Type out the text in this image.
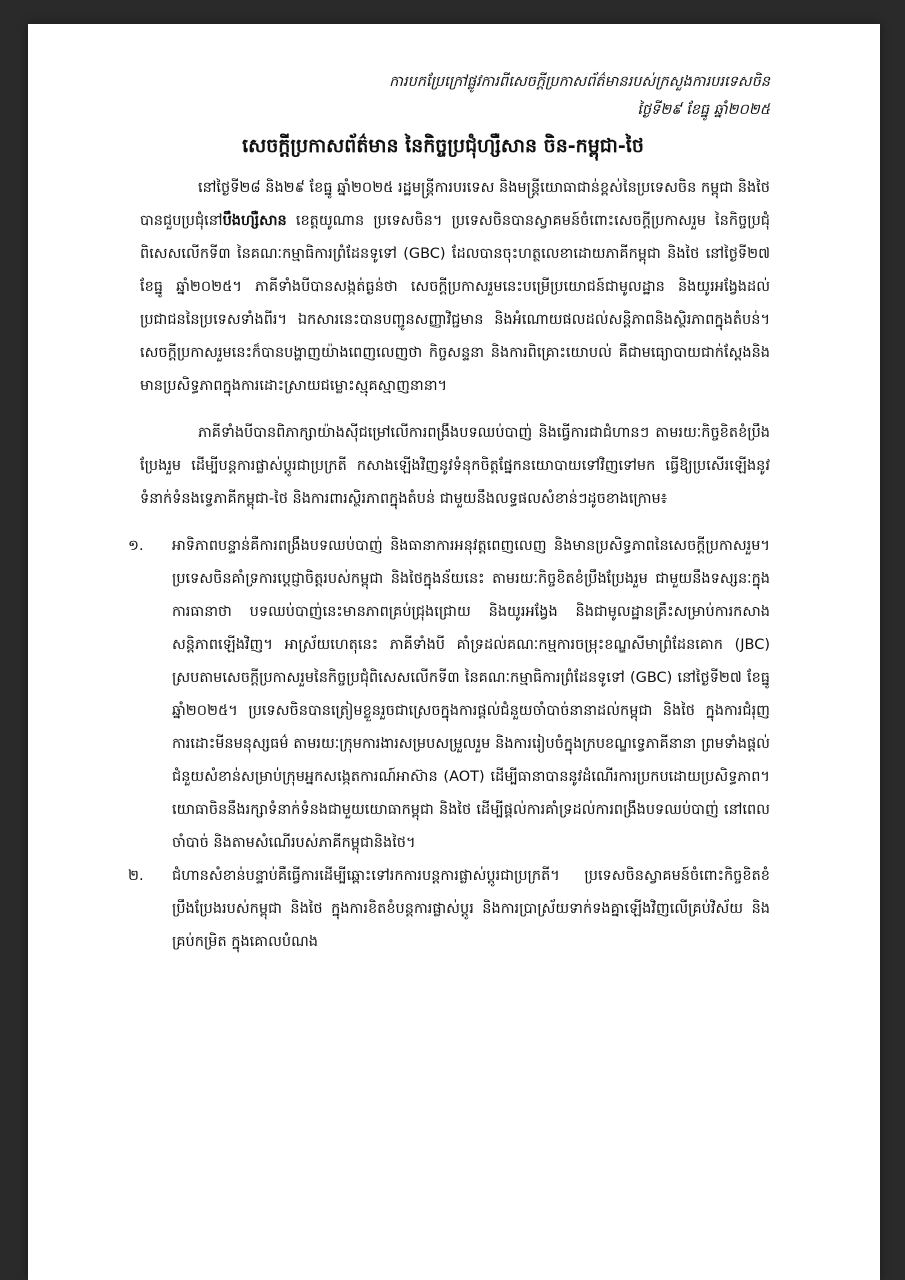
ការបកប្រែក្រៅផ្លូវការពីសេចក្តីប្រកាសព័ត៌មានរបស់ក្រសួងការបរទេសចិន
ថ្ងៃទី២៩ ខែធ្នូ ឆ្នាំ២០២៥
សេចក្តីប្រកាសព័ត៌មាន នៃកិច្ចប្រជុំហ្សឺសាន ចិន-កម្ពុជា-ថៃ

នៅថ្ងៃទី២៨ និង២៩ ខែធ្នូ ឆ្នាំ២០២៥ រដ្ឋមន្ត្រីការបរទេស និងមន្ត្រីយោធាជាន់ខ្ពស់នៃប្រទេសចិន កម្ពុជា និងថៃ បានជួបប្រជុំនៅបឹងហ្សឺសាន ខេត្តយូណាន ប្រទេសចិន។ ប្រទេសចិនបានស្វាគមន៍ចំពោះសេចក្តីប្រកាសរួម នៃកិច្ចប្រជុំពិសេសលើកទី៣ នៃគណៈកម្មាធិការព្រំដែនទូទៅ (GBC) ដែលបានចុះហត្ថលេខាដោយភាគីកម្ពុជា និងថៃ នៅថ្ងៃទី២៧ ខែធ្នូ ឆ្នាំ២០២៥។ ភាគីទាំងបីបានសង្កត់ធ្ងន់ថា សេចក្តីប្រកាសរួមនេះបម្រើប្រយោជន៍ជាមូលដ្ឋាន និងយូរអង្វែងដល់ប្រជាជននៃប្រទេសទាំងពីរ។ ឯកសារនេះបានបញ្ជូនសញ្ញាវិជ្ជមាន និងអំណោយផលដល់សន្តិភាពនិងស្ថិរភាពក្នុងតំបន់។ សេចក្តីប្រកាសរួមនេះក៏បានបង្ហាញយ៉ាងពេញលេញថា កិច្ចសន្ទនា និងការពិគ្រោះយោបល់ គឺជាមធ្យោបាយជាក់ស្តែងនិងមានប្រសិទ្ធភាពក្នុងការដោះស្រាយជម្លោះស្មុគស្មាញនានា។

ភាគីទាំងបីបានពិភាក្សាយ៉ាងស៊ីជម្រៅលើការពង្រឹងបទឈប់បាញ់ និងធ្វើការជាជំហានៗ តាមរយៈកិច្ចខិតខំប្រឹងប្រែងរួម ដើម្បីបន្តការផ្លាស់ប្តូរជាប្រក្រតី កសាងឡើងវិញនូវទំនុកចិត្តផ្នែកនយោបាយទៅវិញទៅមក ធ្វើឱ្យប្រសើរឡើងនូវទំនាក់ទំនងទ្វេភាគីកម្ពុជា-ថៃ និងការពារស្ថិរភាពក្នុងតំបន់ ជាមួយនឹងលទ្ធផលសំខាន់ៗដូចខាងក្រោម៖

១. អាទិភាពបន្ទាន់គឺការពង្រឹងបទឈប់បាញ់ និងធានាការអនុវត្តពេញលេញ និងមានប្រសិទ្ធភាពនៃសេចក្តីប្រកាសរួម។ ប្រទេសចិនគាំទ្រការប្តេជ្ញាចិត្តរបស់កម្ពុជា និងថៃក្នុងន័យនេះ តាមរយៈកិច្ចខិតខំប្រឹងប្រែងរួម ជាមួយនឹងទស្សនៈក្នុងការធានាថា បទឈប់បាញ់នេះមានភាពគ្រប់ជ្រុងជ្រោយ និងយូរអង្វែង និងជាមូលដ្ឋានគ្រឹះសម្រាប់ការកសាងសន្តិភាពឡើងវិញ។ អាស្រ័យហេតុនេះ ភាគីទាំងបី គាំទ្រដល់គណៈកម្មការចម្រុះខណ្ឌសីមាព្រំដែនគោក (JBC) ស្របតាមសេចក្តីប្រកាសរួមនៃកិច្ចប្រជុំពិសេសលើកទី៣ នៃគណៈកម្មាធិការព្រំដែនទូទៅ (GBC) នៅថ្ងៃទី២៧ ខែធ្នូ ឆ្នាំ២០២៥។ ប្រទេសចិនបានត្រៀមខ្លួនរួចជាស្រេចក្នុងការផ្តល់ជំនួយចាំបាច់នានាដល់កម្ពុជា និងថៃ ក្នុងការជំរុញការដោះមីនមនុស្សធម៌ តាមរយៈក្រុមការងារសម្របសម្រួលរួម និងការរៀបចំក្នុងក្របខណ្ឌទ្វេភាគីនានា ព្រមទាំងផ្តល់ជំនួយសំខាន់សម្រាប់ក្រុមអ្នកសង្កេតការណ៍អាស៊ាន (AOT) ដើម្បីធានាបាននូវដំណើរការប្រកបដោយប្រសិទ្ធភាព។ យោធាចិននឹងរក្សាទំនាក់ទំនងជាមួយយោធាកម្ពុជា និងថៃ ដើម្បីផ្តល់ការគាំទ្រដល់ការពង្រឹងបទឈប់បាញ់ នៅពេលចាំបាច់ និងតាមសំណើរបស់ភាគីកម្ពុជានិងថៃ។
២. ជំហានសំខាន់បន្ទាប់គឺធ្វើការដើម្បីឆ្ពោះទៅរកការបន្តការផ្លាស់ប្តូរជាប្រក្រតី។ ប្រទេសចិនស្វាគមន៍ចំពោះកិច្ចខិតខំប្រឹងប្រែងរបស់កម្ពុជា និងថៃ ក្នុងការខិតខំបន្តការផ្លាស់ប្តូរ និងការប្រាស្រ័យទាក់ទងគ្នាឡើងវិញលើគ្រប់វិស័យ និងគ្រប់កម្រិត ក្នុងគោលបំណង
